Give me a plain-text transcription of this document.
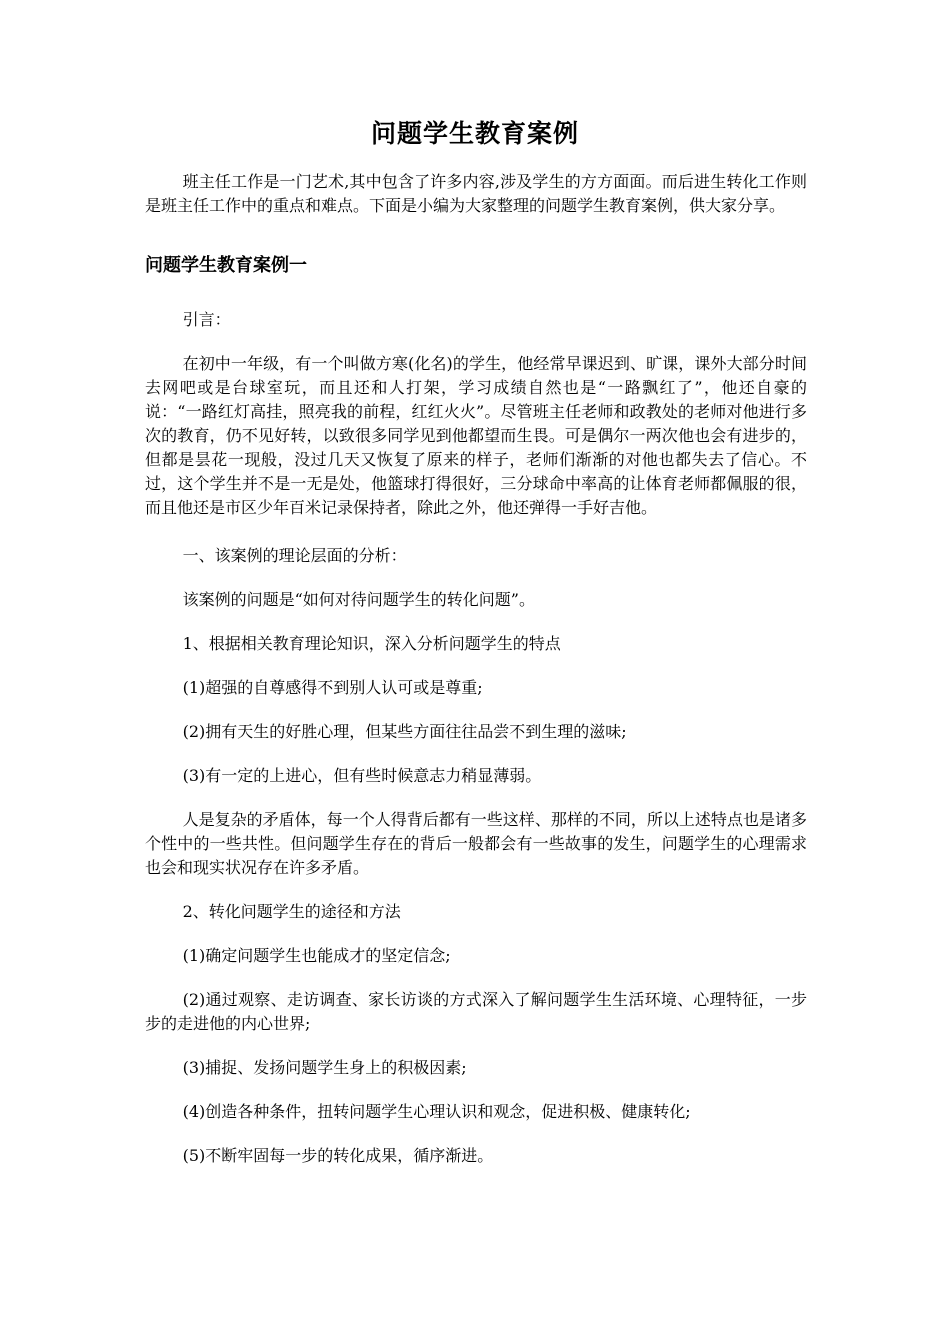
问题学生教育案例

班主任工作是一门艺术,其中包含了许多内容,涉及学生的方方面面。而后进生转化工作则是班主任工作中的重点和难点。下面是小编为大家整理的问题学生教育案例，供大家分享。

问题学生教育案例一

引言：

在初中一年级，有一个叫做方寒(化名)的学生，他经常早课迟到、旷课，课外大部分时间去网吧或是台球室玩，而且还和人打架，学习成绩自然也是“一路飘红了”，他还自豪的说：“一路红灯高挂，照亮我的前程，红红火火”。尽管班主任老师和政教处的老师对他进行多次的教育，仍不见好转，以致很多同学见到他都望而生畏。可是偶尔一两次他也会有进步的，但都是昙花一现般，没过几天又恢复了原来的样子，老师们渐渐的对他也都失去了信心。不过，这个学生并不是一无是处，他篮球打得很好，三分球命中率高的让体育老师都佩服的很，而且他还是市区少年百米记录保持者，除此之外，他还弹得一手好吉他。

一、该案例的理论层面的分析：

该案例的问题是“如何对待问题学生的转化问题”。

1、根据相关教育理论知识，深入分析问题学生的特点

(1)超强的自尊感得不到别人认可或是尊重;

(2)拥有天生的好胜心理，但某些方面往往品尝不到生理的滋味;

(3)有一定的上进心，但有些时候意志力稍显薄弱。

人是复杂的矛盾体，每一个人得背后都有一些这样、那样的不同，所以上述特点也是诸多个性中的一些共性。但问题学生存在的背后一般都会有一些故事的发生，问题学生的心理需求也会和现实状况存在许多矛盾。

2、转化问题学生的途径和方法

(1)确定问题学生也能成才的坚定信念;

(2)通过观察、走访调查、家长访谈的方式深入了解问题学生生活环境、心理特征，一步步的走进他的内心世界;

(3)捕捉、发扬问题学生身上的积极因素;

(4)创造各种条件，扭转问题学生心理认识和观念，促进积极、健康转化;

(5)不断牢固每一步的转化成果，循序渐进。
